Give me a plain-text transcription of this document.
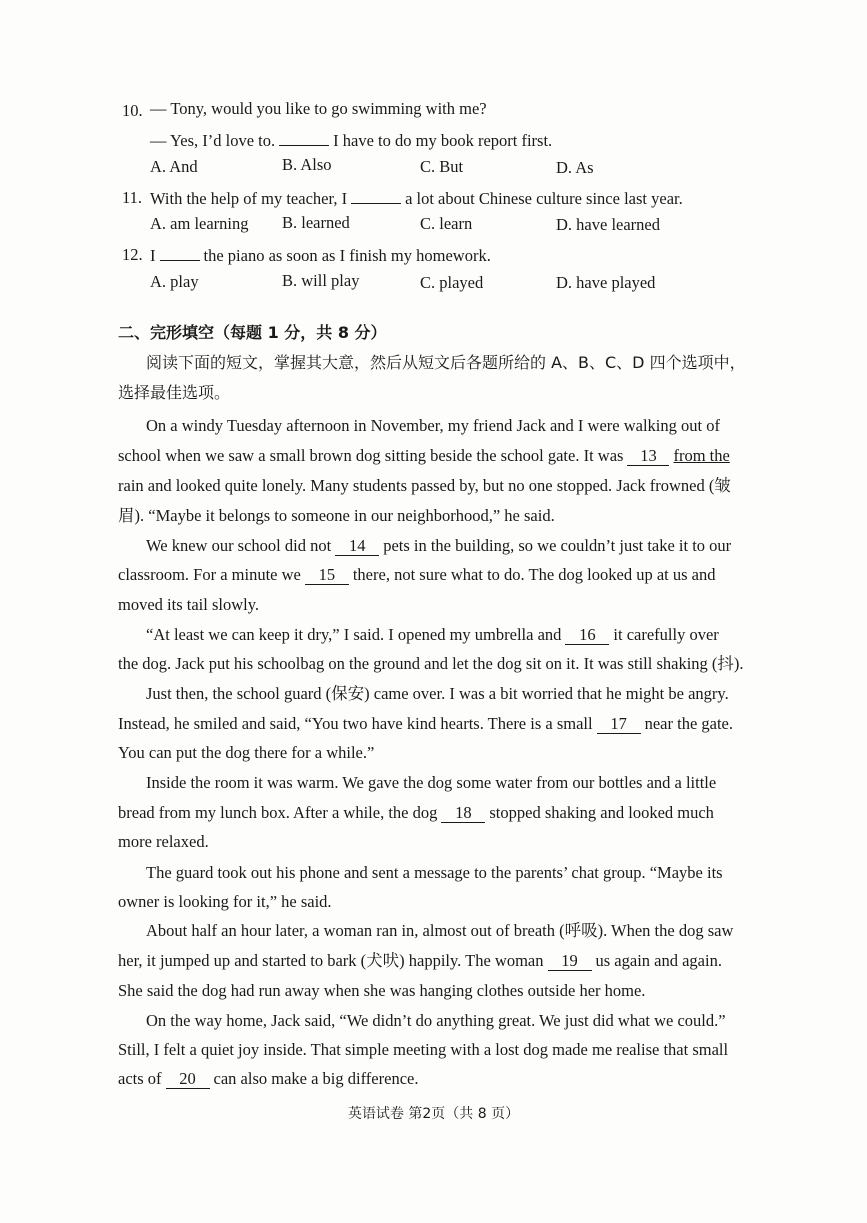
10. — Tony, would you like to go swimming with me?
— Yes, I’d love to.	I have to do my book report first.
A. And	B. Also	C. But	D. As
11. With the help of my teacher, I	a lot about Chinese culture since last year.
A. am learning B. learned	C. learn	D. have learned
12. I	the piano as soon as I finish my homework.
A. play	B. will play	C. played	D. have played
二、完形填空（每题 1 分，共 8 分）
阅读下面的短文，掌握其大意，然后从短文后各题所给的 A、B、C、D 四个选项中，
选择最佳选项。
On a windy Tuesday afternoon in November, my friend Jack and I were walking out of
school when we saw a small brown dog sitting beside the school gate. It was 13 from the
rain and looked quite lonely. Many students passed by, but no one stopped. Jack frowned (皱
眉). “Maybe it belongs to someone in our neighborhood,” he said.
We knew our school did not 14 pets in the building, so we couldn’t just take it to our
classroom. For a minute we 15 there, not sure what to do. The dog looked up at us and
moved its tail slowly.
“At least we can keep it dry,” I said. I opened my umbrella and 16 it carefully over
the dog. Jack put his schoolbag on the ground and let the dog sit on it. It was still shaking (抖).
Just then, the school guard (保安) came over. I was a bit worried that he might be angry.
Instead, he smiled and said, “You two have kind hearts. There is a small 17 near the gate.
You can put the dog there for a while.”
Inside the room it was warm. We gave the dog some water from our bottles and a little
bread from my lunch box. After a while, the dog 18 stopped shaking and looked much
more relaxed.
The guard took out his phone and sent a message to the parents’ chat group. “Maybe its
owner is looking for it,” he said.
About half an hour later, a woman ran in, almost out of breath (呼吸). When the dog saw
her, it jumped up and started to bark (犬吠) happily. The woman 19 us again and again.
She said the dog had run away when she was hanging clothes outside her home.
On the way home, Jack said, “We didn’t do anything great. We just did what we could.”
Still, I felt a quiet joy inside. That simple meeting with a lost dog made me realise that small
acts of 20 can also make a big difference.
英语试卷 第2页（共 8 页）
